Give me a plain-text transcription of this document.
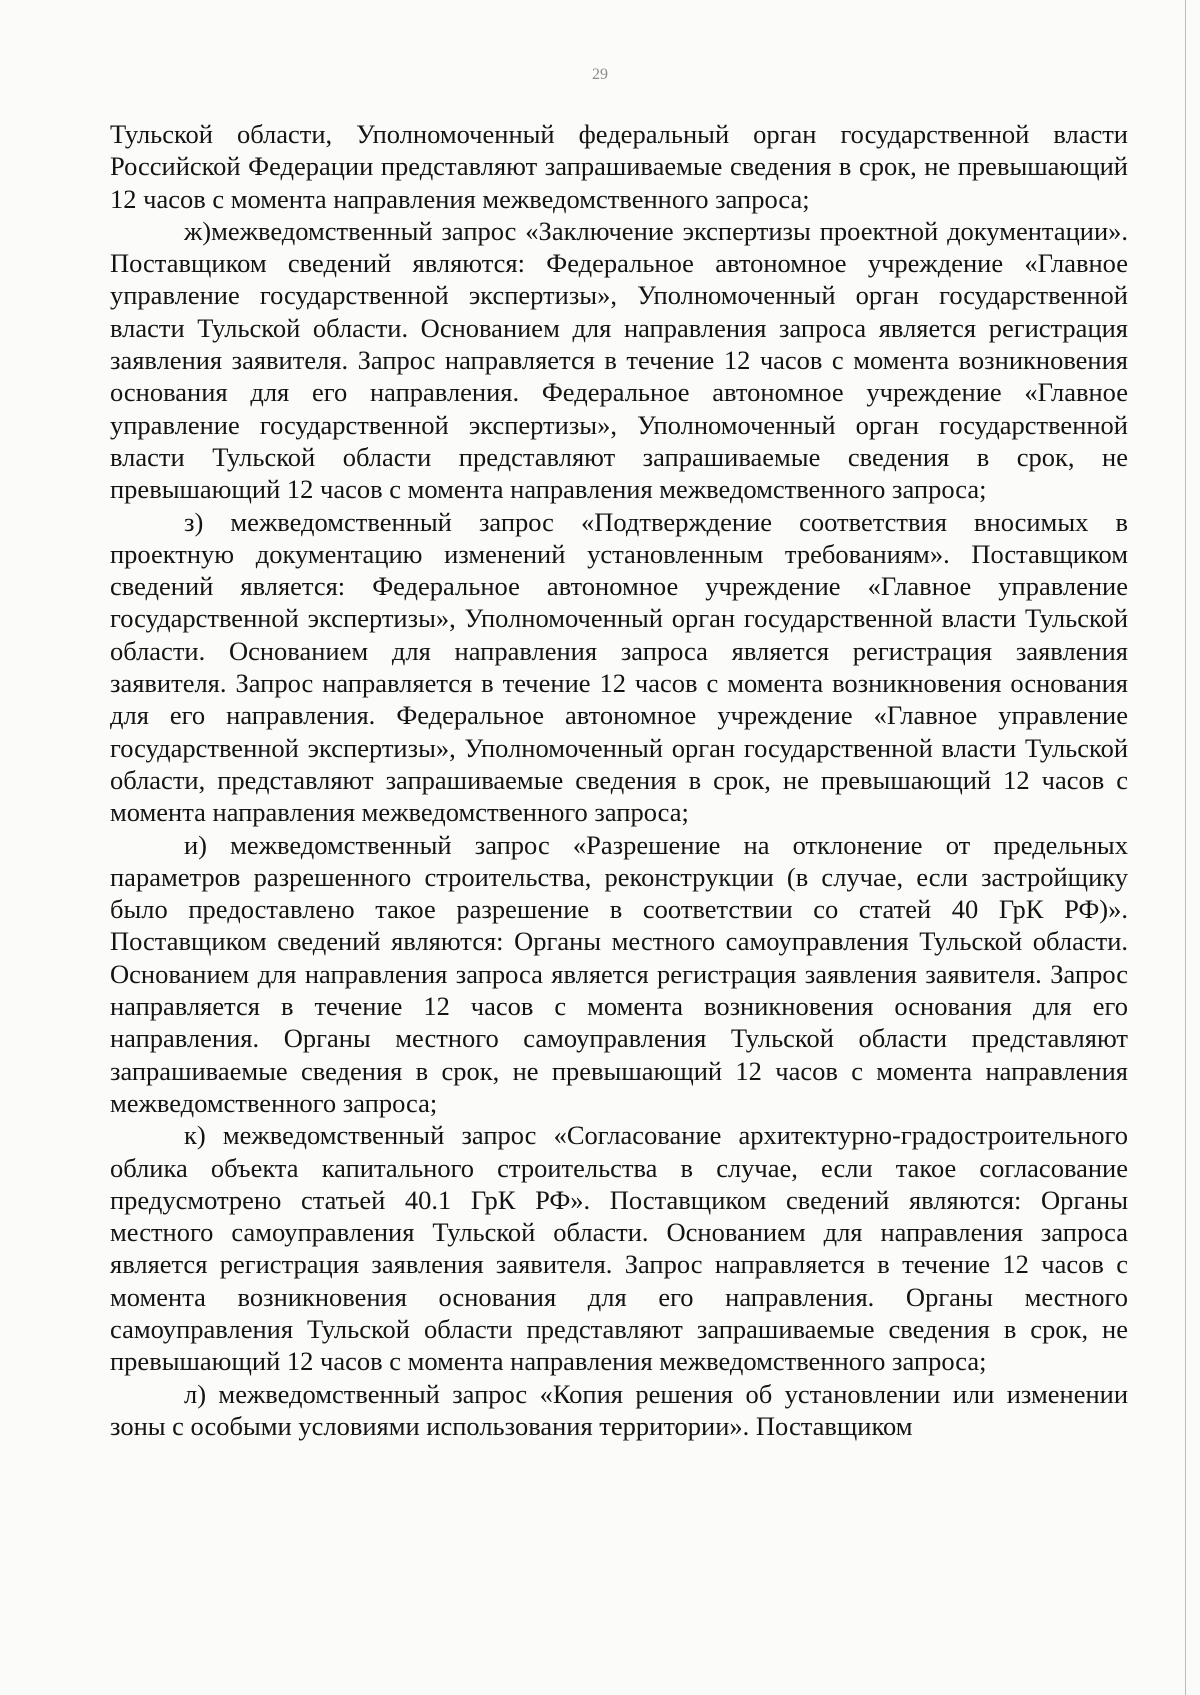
29

Тульской области, Уполномоченный федеральный орган государственной власти Российской Федерации представляют запрашиваемые сведения в срок, не превышающий 12 часов с момента направления межведомственного запроса;

ж)межведомственный запрос «Заключение экспертизы проектной документации». Поставщиком сведений являются: Федеральное автономное учреждение «Главное управление государственной экспертизы», Уполномоченный орган государственной власти Тульской области. Основанием для направления запроса является регистрация заявления заявителя. Запрос направляется в течение 12 часов с момента возникновения основания для его направления. Федеральное автономное учреждение «Главное управление государственной экспертизы», Уполномоченный орган государственной власти Тульской области представляют запрашиваемые сведения в срок, не превышающий 12 часов с момента направления межведомственного запроса;

з) межведомственный запрос «Подтверждение соответствия вносимых в проектную документацию изменений установленным требованиям». Поставщиком сведений является: Федеральное автономное учреждение «Главное управление государственной экспертизы», Уполномоченный орган государственной власти Тульской области. Основанием для направления запроса является регистрация заявления заявителя. Запрос направляется в течение 12 часов с момента возникновения основания для его направления. Федеральное автономное учреждение «Главное управление государственной экспертизы», Уполномоченный орган государственной власти Тульской области, представляют запрашиваемые сведения в срок, не превышающий 12 часов с момента направления межведомственного запроса;

и) межведомственный запрос «Разрешение на отклонение от предельных параметров разрешенного строительства, реконструкции (в случае, если застройщику было предоставлено такое разрешение в соответствии со статей 40 ГрК РФ)». Поставщиком сведений являются: Органы местного самоуправления Тульской области. Основанием для направления запроса является регистрация заявления заявителя. Запрос направляется в течение 12 часов с момента возникновения основания для его направления. Органы местного самоуправления Тульской области представляют запрашиваемые сведения в срок, не превышающий 12 часов с момента направления межведомственного запроса;

к) межведомственный запрос «Согласование архитектурно-градостроительного облика объекта капитального строительства в случае, если такое согласование предусмотрено статьей 40.1 ГрК РФ». Поставщиком сведений являются: Органы местного самоуправления Тульской области. Основанием для направления запроса является регистрация заявления заявителя. Запрос направляется в течение 12 часов с момента возникновения основания для его направления. Органы местного самоуправления Тульской области представляют запрашиваемые сведения в срок, не превышающий 12 часов с момента направления межведомственного запроса;

л) межведомственный запрос «Копия решения об установлении или изменении зоны с особыми условиями использования территории». Поставщиком
